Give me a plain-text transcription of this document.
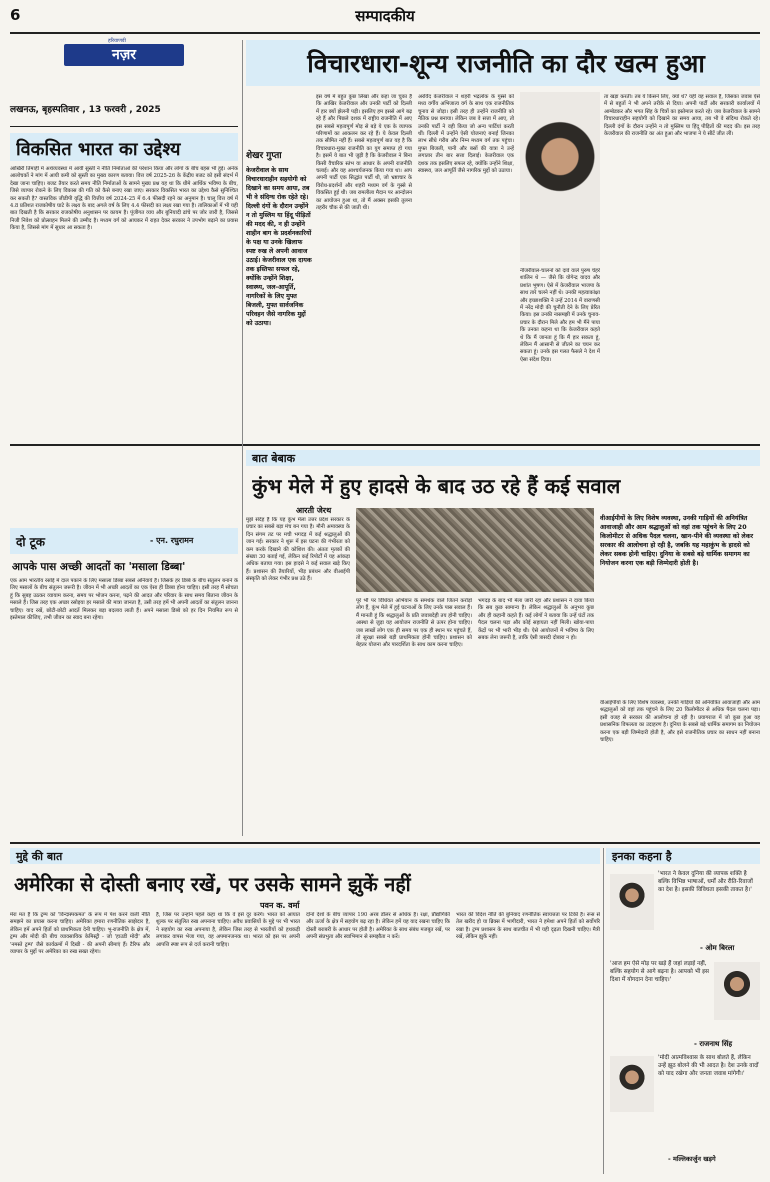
6	सम्पादकीय
हरियाणवी
नज़र
लखनऊ, बृहस्पतिवार , 13 फरवरी , 2025
विचारधारा-शून्य राजनीति का दौर खत्म हुआ
शेखर गुप्ता
केजरीवाल के साथ विचारधाराहीन सहयोगी को दिखाने का समय आया, तब भी वे संदिग्ध रोक रहेते रहे। दिल्ली दंगों के दौरान उन्होंने न तो मुस्लिम या हिंदू पीड़ितों की मदद की, न ही उन्होंने शाहीन बाग के प्रदर्शनकारियों के पक्ष या उनके खिलाफ स्पष्ट रुख ले अपनी आवाज उठाई। केजरीवाल एक दायक तक इस्तिफा सफल रहे, क्योंकि उन्होंने शिक्षा, स्वास्थ्य, जल-आपूर्ति, नागरिकों के लिए मुफ्त बिजली, मुफ्त सार्वजनिक परिवहन जैसे नागरिक मुद्दों को उठाया।
इस वर्ष में बहुत कुछ लिखा और कहा जा चुका है कि आखिर केजरीवाल और उनकी पार्टी को दिल्ली में हार क्यों झेलनी पड़ी। इसलिए हम इससे आगे बढ़ रहे हैं और पिछले दशक में राष्ट्रीय राजनीति में आए इस सबसे महत्वपूर्ण मोड़ से बड़े ये एक के व्यापक परिणामों का आकलन कर रहे हैं। ये केवल दिल्ली तक सीमित नहीं हैं। सबसे महत्वपूर्ण बात यह है कि विचारधारा-मुक्त राजनीति का युग समाप्त हो गया है। इसमें ये बात भी जुड़ी है कि केजरीवाल ने बिना किसी वैचारिक स्तंभ या आधार के अपनी राजनीति चलाई। और यह आश्चर्यजनक किया गया था। आप अपनी पार्टी एक सिद्धांत पार्टी थी, जो भ्रष्टाचार के विरोध-प्रदर्शनों और शहरी मध्यम वर्ग के गुस्से से विकसित हुई थी। जब रामलीला मैदान पर आन्दोलन का आयोजन हुआ था, तो मैं अक्सर इसकी तुलना तहरीर चौक से की जाती थी।
अरविंद केजरीवाल ने शहरी भद्रलोक के गुस्से को मध्य वर्गीय अभिजात्य वर्ग के साथ एक राजनीतिक चुनाव से जोड़ा। इसी तरह ही उन्होंने राजनीति को नैतिक प्रश्न बनाया। लेकिन जब वे सत्ता में आए, तो उनकी पार्टी ने वही किया जो अन्य पार्टियां करती थीं। दिल्ली में उन्होंने ऐसी योजनाएं बनाईं जिनका लाभ सीधे गरीब और निम्न मध्यम वर्ग तक पहुंचा। मुफ्त बिजली, पानी और बसों की यात्रा ने उन्हें लगातार तीन बार सत्ता दिलाई। केजरीवाल एक दशक तक इसलिए सफल रहे, क्योंकि उन्होंने शिक्षा, स्वास्थ्य, जल आपूर्ति जैसे नागरिक मुद्दों को उठाया।
नीजरीवाल-चालनों को दावे वाले पुरुष चेहरे शालिन थे — जैसे कि योगेन्द्र यादव और प्रशांत भूषण। ऐसे में केजरीवाल भाजपा के साथ तारे चलने नहीं थे। उनकी महत्वाकांक्षा और इच्छाशक्ति ने उन्हें 2014 में वाराणसी में नरेंद्र मोदी की चुनौती देने के लिए प्रेरित किया। इस उनकी नासमझी में उनके चुनाव-प्रचार के दौरान मिले और हम भी मैंने पाया कि उनका कहना था कि केजरीवाल कहते थे कि मैं जानता हूं कि मैं हार सकता हूं, लेकिन मैं आसानी से जीतने का चयन कर सकता हूं। उनके इस गलत फैसले ने देश में ऐसा संदेश दिया।
ता खड़ा करती। तब ये किसने लिए, क्यों थे? यही वह सवाल है, जिसका जवाब ऐसे में से बहुतों ने भी अपने तरीके से दिया। अपनी पार्टी और सरकारी कार्यालयों में आम्बेडकर और भगत सिंह के चित्रों का इस्तेमाल करते रहे। जब केजरीवाल के सामने विचारधाराहीन सहयोगी को दिखाने का समय आया, तब भी वे संदिग्ध रोकते रहे। दिल्ली दंगों के दौरान उन्होंने न तो मुस्लिम या हिंदू पीड़ितों की मदद की। इस तरह केजरीवाल की राजनीति का अंत हुआ और भाजपा ने ये सीटें जीत लीं।
विकसित भारत का उद्देश्य
आखिरी तिमाही में अर्थव्यवस्था में आयी सुस्ती ने नीति निर्माताओं की परेशान किया और लोगों के बीच बहस भी हुई। अनेक आलोचकों ने मांग में आयी कमी को सुस्ती का मुख्य कारण बताया। वित्त वर्ष 2025-26 के केंद्रीय बजट को इसी संदर्भ में देखा जाना चाहिए। बजट तैयार करते समय नीति निर्माताओं के सामने मुख्य प्रश्न यह था कि धीमे आर्थिक भविष्य के बीच, जिसे व्यापार रोकने के लिए विकास की गति को कैसे बनाए रखा जाए। सरकार विकसित भारत का उद्देश्य कैसे सुनिश्चित कर सकती है? वास्तविक जीडीपी वृद्धि की वित्तीय वर्ष 2024-25 में 6.4 फीसदी रहने का अनुमान है। चालू वित्त वर्ष में 4.8 प्रतिशत राजकोषीय घाटे के लक्ष्य के बाद अगले वर्ष के लिए 4.4 फीसदी का लक्ष्य रखा गया है। तालिकाओं में भी यही बात दिखती है कि सरकार राजकोषीय अनुशासन पर कायम है। पूंजीगत व्यय और बुनियादी ढांचे पर जोर जारी है, जिससे निजी निवेश को प्रोत्साहन मिलने की उम्मीद है। मध्यम वर्ग को आयकर में राहत देकर सरकार ने उपभोग बढ़ाने का प्रयास किया है, जिससे मांग में सुधार आ सकता है।
दो टूक	- एन. रघुरामन
आपके पास अच्छी आदतों का 'मसाला डिब्बा'
एक आम भारतीय रसोई में दाल पकाने के लिए मसाला डिब्बा सबसे अनिवार्य है। जिसके हर डिब्बे के बीच संतुलन बनाने के लिए मसालों के बीच संतुलन जरूरी है। जीवन में भी अच्छी आदतों का एक ऐसा ही डिब्बा होना चाहिए। इसी तरह मैं सोचता हूं कि सुबह उठकर व्यायाम करना, समय पर भोजन करना, पढ़ने की आदत और परिवार के साथ समय बिताना जीवन के मसाले हैं। जिस तरह एक अच्छा रसोइया हर मसाले की मात्रा जानता है, उसी तरह हमें भी अपनी आदतों का संतुलन जानना चाहिए। याद रखें, छोटी-छोटी आदतें मिलकर बड़ा बदलाव लाती हैं। अपने मसाला डिब्बे को हर दिन नियमित रूप से इस्तेमाल कीजिए, तभी जीवन का स्वाद बना रहेगा।
बात बेबाक
कुंभ मेले में हुए हादसे के बाद उठ रहे हैं कई सवाल
आरती जेरथ
मुझे संदेह है कि यह कुंभ मेला उत्तर प्रदेश सरकार के प्रचार का सबसे बड़ा मंच बन गया है। मौनी अमावस्या के दिन संगम तट पर मची भगदड़ में कई श्रद्धालुओं की जान गई। सरकार ने शुरू में इस घटना की गंभीरता को कम करके दिखाने की कोशिश की। अंततः मृतकों की संख्या 30 बताई गई, लेकिन कई रिपोर्टों में यह आंकड़ा अधिक बताया गया। इस हादसे ने कई सवाल खड़े किए हैं। प्रशासन की तैयारियों, भीड़ प्रबंधन और वीआईपी संस्कृति को लेकर गंभीर प्रश्न उठे हैं।
पूरे भी पर विधिवत अभियान के समर्थक वाले जितने करोड़ों लोग हैं, कुंभ मेले में हुई घटनाओं के लिए उनके पास सवाल हैं। मैं मानती हूं कि श्रद्धालुओं के प्रति जवाबदेही तय होनी चाहिए। आस्था से जुड़ा यह आयोजन राजनीति से ऊपर होना चाहिए। जब लाखों लोग एक ही समय पर एक ही स्थान पर पहुंचते हैं, तो सुरक्षा सबसे बड़ी प्राथमिकता होनी चाहिए। प्रशासन को बेहतर योजना और पारदर्शिता के साथ काम करना चाहिए।
भगदड़ के बाद भी मेला जारी रहा और प्रशासन ने दावा किया कि सब कुछ सामान्य है। लेकिन श्रद्धालुओं के अनुभव कुछ और ही कहानी कहते हैं। कई लोगों ने बताया कि उन्हें घंटों तक पैदल चलना पड़ा और कोई सहायता नहीं मिली। खोया-पाया केंद्रों पर भी भारी भीड़ थी। ऐसे आयोजनों में भविष्य के लिए सबक लेना जरूरी है, ताकि ऐसी त्रासदी दोबारा न हो।
वीआईपीयों के लिए विशेष व्यवस्था, उनकी गाड़ियों की अनियंत्रित आवाजाही और आम श्रद्धालुओं को वहां तक पहुंचने के लिए 20 किलोमीटर से अधिक पैदल चलना, खान-पीने की व्यवस्था को लेकर सरकार की आलोचना हो रही है, जबकि यह महाकुंभ के हादसे को लेकर सबक होनी चाहिए। दुनिया के सबसे बड़े धार्मिक समागम का नियोजन करना एक बड़ी जिम्मेदारी होती है।
वीआईपीयों के लिए विशेष व्यवस्था, उनकी गाड़ियों की अनियंत्रित आवाजाही और आम श्रद्धालुओं को वहां तक पहुंचने के लिए 20 किलोमीटर से अधिक पैदल चलना पड़ा। इसी वजह से सरकार की आलोचना हो रही है। प्रयागराज में जो कुछ हुआ वह प्रशासनिक विफलता का उदाहरण है। दुनिया के सबसे बड़े धार्मिक समागम का नियोजन करना एक बड़ी जिम्मेदारी होती है, और इसे राजनीतिक प्रचार का साधन नहीं बनाना चाहिए।
मुद्दे की बात
अमेरिका से दोस्ती बनाए रखें, पर उसके सामने झुकें नहीं
पवन क. वर्मा
मेरा मत है कि ट्रम्प को 'विन्दास्पकमत' के रूप में पेश करने वाली नीति समझने का प्रयास करना चाहिए। अमेरिका हमारा रणनीतिक साझेदार है, लेकिन हमें अपने हितों को प्राथमिकता देनी चाहिए। भू-राजनीति के क्षेत्र में, ट्रम्प और मोदी की बीच व्यावसायिक केमिस्ट्री - जो 'हाउडी मोदी' और 'नमस्ते ट्रम्प' जैसे कार्यक्रमों में दिखी - की अपनी सीमाएं हैं। टैरिफ और व्यापार के मुद्दों पर अमेरिका का रुख सख्त रहेगा।
हैं, जिस पर उन्होंने पहले कहा था कि वे इसे दूर करेंगे। भारत को आयात शुल्क पर संतुलित रुख अपनाना चाहिए। अवैध प्रवासियों के मुद्दे पर भी भारत ने सहयोग का रुख अपनाया है, लेकिन जिस तरह से भारतीयों को हथकड़ी लगाकर वापस भेजा गया, वह अपमानजनक था। भारत को इस पर अपनी आपत्ति स्पष्ट रूप से दर्ज करानी चाहिए।
दोनों देशों के बीच व्यापार 190 अरब डॉलर से अधिक है। रक्षा, प्रौद्योगिकी और ऊर्जा के क्षेत्र में सहयोग बढ़ रहा है। लेकिन हमें यह याद रखना चाहिए कि दोस्ती बराबरी के आधार पर होती है। अमेरिका के साथ संबंध मजबूत रखें, पर अपनी संप्रभुता और स्वाभिमान से समझौता न करें।
भारत की विदेश नीति की बुनियाद रणनीतिक स्वायत्तता पर टिकी है। रूस से तेल खरीद हो या ब्रिक्स में भागीदारी, भारत ने हमेशा अपने हितों को सर्वोपरि रखा है। ट्रम्प प्रशासन के साथ बातचीत में भी यही दृढ़ता दिखनी चाहिए। मैत्री रखें, लेकिन झुकें नहीं।
इनका कहना है
'भारत ने केवल दुनिया की व्यापक शक्ति है बल्कि विभिन्न भाषाओं, धर्मों और रीति-रिवाजों का देश है। इसकी विविधता इसकी ताकत है।'
- ओम बिरला
'आज हम ऐसे मोड़ पर खड़े हैं जहां लड़ाई नहीं, बल्कि सहयोग से आगे बढ़ना है। आपको भी इस दिशा में योगदान देना चाहिए।'
- राजनाथ सिंह
'मोदी आत्मविश्वास के साथ बोलते हैं, लेकिन उन्हें झूठ बोलने की भी आदत है। देश उनके वादों को याद रखेगा और जनता जवाब मांगेगी।'
- मल्लिकार्जुन खड़गे
